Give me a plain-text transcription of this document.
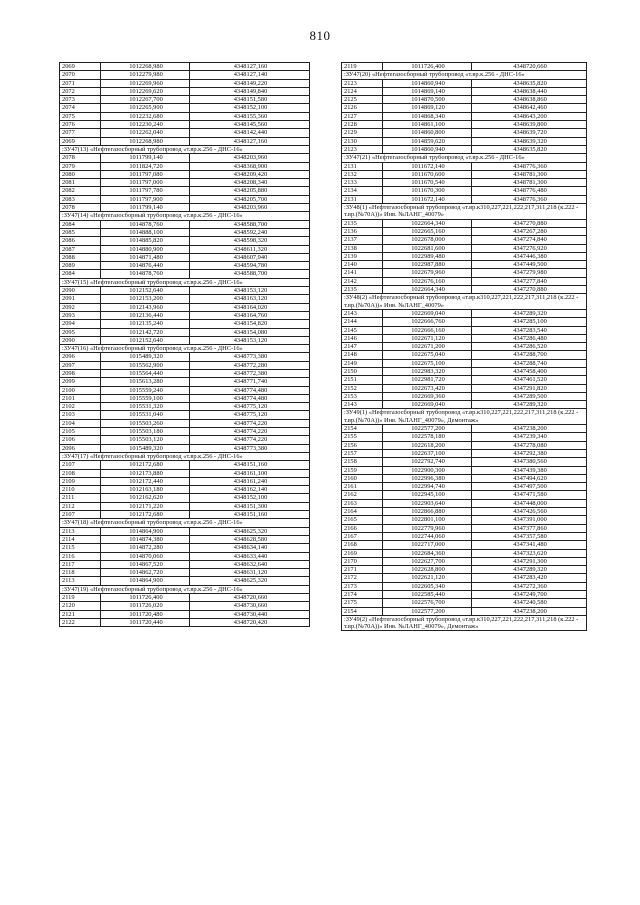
810
2069	1012268,980	4348127,160
2070	1012279,980	4348127,140
2071	1012269,960	4348149,220
2072	1012269,620	4348149,840
2073	1012267,700	4348151,580
2074	1012265,900	4348152,100
2075	1012232,680	4348155,360
2076	1012230,240	4348145,560
2077	1012262,040	4348142,440
2069	1012268,980	4348127,160
:ЗУ47(13) «Нефтегазосборный трубопровод «т.вр.к.256 - ДНС-16»		
2078	1011799,140	4348203,960
2079	1011824,720	4348368,900
2080	1011797,080	4348209,420
2081	1011797,000	4348208,340
2082	1011797,780	4348205,880
2083	1011797,900	4348205,700
2078	1011799,140	4348203,960
:ЗУ47(14) «Нефтегазосборный трубопровод «т.вр.к.256 - ДНС-16»		
2084	1014878,760	4348588,700
2085	1014888,100	4348592,240
2086	1014885,820	4348598,320
2087	1014880,900	4348611,320
2088	1014871,480	4348607,940
2089	1014876,440	4348594,780
2084	1014878,760	4348588,700
:ЗУ47(15) «Нефтегазосборный трубопровод «т.вр.к.256 - ДНС-16»		
2090	1012152,640	4348153,120
2091	1012153,200	4348163,120
2092	1012143,960	4348164,020
2093	1012136,440	4348164,760
2094	1012135,240	4348154,820
2095	1012142,720	4348154,080
2090	1012152,640	4348153,120
:ЗУ47(16) «Нефтегазосборный трубопровод «т.вр.к.256 - ДНС-16»		
2096	1015489,320	4348773,380
2097	1015562,900	4348772,280
2098	1015564,440	4348772,380
2099	1015613,280	4348771,740
2100	1015559,240	4348774,480
2101	1015559,100	4348774,480
2102	1015531,320	4348775,120
2103	1015531,040	4348775,120
2104	1015503,260	4348774,220
2105	1015503,180	4348774,220
2106	1015503,120	4348774,220
2096	1015489,320	4348773,380
:ЗУ47(17) «Нефтегазосборный трубопровод «т.вр.к.256 - ДНС-16»		
2107	1012172,680	4348151,160
2108	1012173,880	4348161,100
2109	1012172,440	4348161,240
2110	1012163,180	4348162,140
2111	1012162,620	4348152,100
2112	1012171,220	4348151,300
2107	1012172,680	4348151,160
:ЗУ47(18) «Нефтегазосборный трубопровод «т.вр.к.256 - ДНС-16»		
2113	1014864,900	4348625,320
2114	1014874,380	4348628,580
2115	1014872,280	4348634,140
2116	1014870,060	4348633,440
2117	1014867,520	4348632,640
2118	1014862,720	4348631,120
2113	1014864,900	4348625,320
:ЗУ47(19) «Нефтегазосборный трубопровод «т.вр.к.256 - ДНС-16»		
2119	1011726,400	4348720,660
2120	1011726,020	4348730,660
2121	1011720,480	4348730,440
2122	1011720,440	4348720,420
2119	1011726,400	4348720,660
:ЗУ47(20) «Нефтегазосборный трубопровод «т.вр.к.256 - ДНС-16»		
2123	1014860,940	4348635,820
2124	1014869,140	4348638,440
2125	1014870,500	4348638,860
2126	1014869,120	4348642,460
2127	1014868,340	4348643,200
2128	1014861,100	4348639,800
2129	1014860,800	4348639,720
2130	1014859,620	4348639,320
2123	1014860,940	4348635,820
:ЗУ47(21) «Нефтегазосборный трубопровод «т.вр.к.256 - ДНС-16»		
2131	1011672,140	4348776,360
2132	1011670,600	4348781,300
2133	1011670,540	4348781,300
2134	1011670,300	4348776,480
2131	1011672,140	4348776,360
:ЗУ48(1) «Нефтегазосборный трубопровод «т.вр.к310,227,221,222,217,311,218 (к.222 - т.вр.(№70А))» Инв. №ЛАНГ_40079»		
2135	1022664,340	4347270,880
2136	1022665,160	4347267,280
2137	1022678,000	4347274,840
2138	1022681,600	4347276,920
2139	1022989,480	4347446,380
2140	1022987,880	4347449,500
2141	1022679,960	4347279,980
2142	1022676,160	4347277,840
2135	1022664,340	4347270,880
:ЗУ48(2) «Нефтегазосборный трубопровод «т.вр.к310,227,221,222,217,311,218 (к.222 - т.вр.(№70А))» Инв. №ЛАНГ_40079»		
2143	1022669,040	4347289,320
2144	1022666,760	4347285,100
2145	1022666,160	4347283,540
2146	1022671,120	4347286,480
2147	1022671,200	4347286,520
2148	1022675,040	4347288,700
2149	1022675,100	4347288,740
2150	1022983,320	4347458,400
2151	1022981,720	4347461,520
2152	1022673,420	4347291,820
2153	1022669,360	4347289,500
2143	1022669,040	4347289,320
:ЗУ49(1) «Нефтегазосборный трубопровод «т.вр.к310,227,221,222,217,311,218 (к.222 - т.вр.(№70А))» Инв. №ЛАНГ_40079», Демонтаж»		
2154	1022577,200	4347238,200
2155	1022578,180	4347239,340
2156	1022618,200	4347278,080
2157	1022637,100	4347292,380
2158	1022792,740	4347380,560
2159	1022900,300	4347439,380
2160	1022996,380	4347494,620
2161	1022994,740	4347497,500
2162	1022945,100	4347471,580
2163	1022903,640	4347448,000
2164	1022866,880	4347426,560
2165	1022801,100	4347391,000
2166	1022779,960	4347377,860
2167	1022744,060	4347357,580
2168	1022717,000	4347341,480
2169	1022684,360	4347323,620
2170	1022627,700	4347291,300
2171	1022628,800	4347289,320
2172	1022621,120	4347283,420
2173	1022605,340	4347272,360
2174	1022585,440	4347249,700
2175	1022576,700	4347240,580
2154	1022577,200	4347238,200
:ЗУ49(2) «Нефтегазосборный трубопровод «т.вр.к310,227,221,222,217,311,218 (к.222 - т.вр.(№70А))» Инв. №ЛАНГ_40079», Демонтаж»		
